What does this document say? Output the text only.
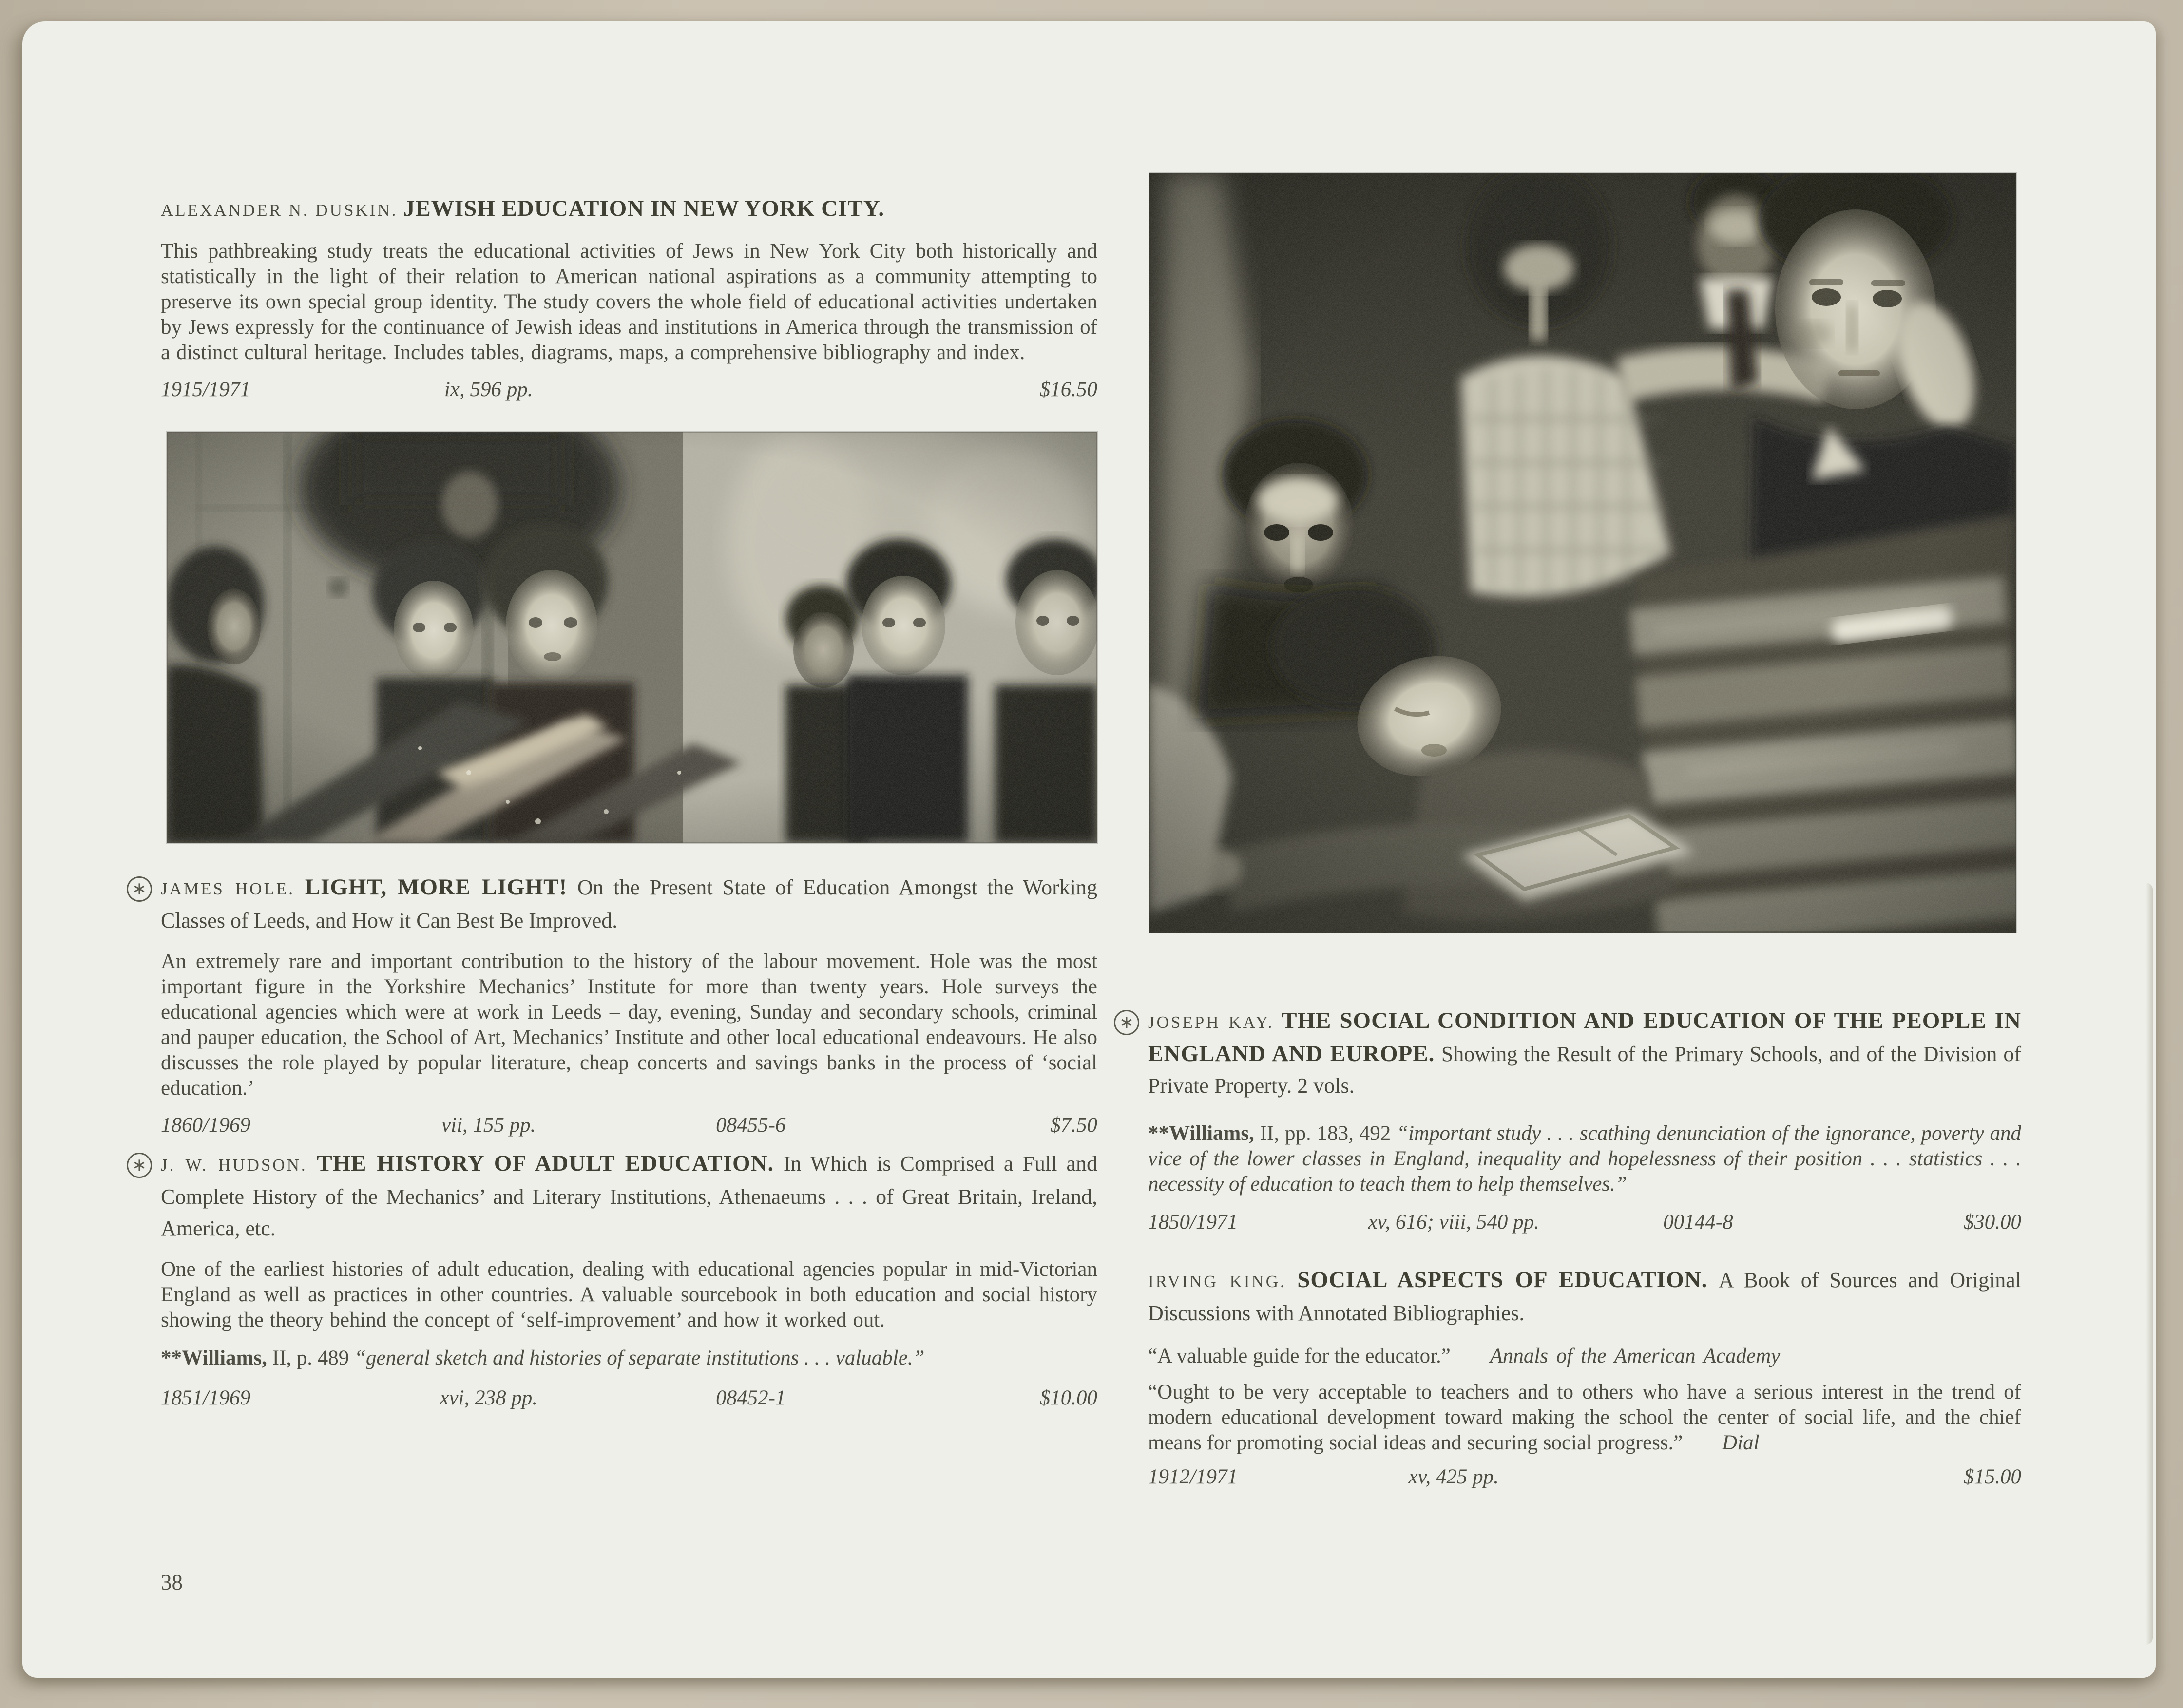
ALEXANDER N. DUSKIN. JEWISH EDUCATION IN NEW YORK CITY.

This pathbreaking study treats the educational activities of Jews in New York City both historically and statistically in the light of their relation to American national aspirations as a community attempting to preserve its own special group identity. The study covers the whole field of educational activities undertaken by Jews expressly for the continuance of Jewish ideas and institutions in America through the transmission of a distinct cultural heritage. Includes tables, diagrams, maps, a comprehensive bibliography and index.

1915/1971	ix, 596 pp.	$16.50

∗ JAMES HOLE. LIGHT, MORE LIGHT! On the Present State of Education Amongst the Working Classes of Leeds, and How it Can Best Be Improved.

An extremely rare and important contribution to the history of the labour movement. Hole was the most important figure in the Yorkshire Mechanics’ Institute for more than twenty years. Hole surveys the educational agencies which were at work in Leeds – day, evening, Sunday and secondary schools, criminal and pauper education, the School of Art, Mechanics’ Institute and other local educational endeavours. He also discusses the role played by popular literature, cheap concerts and savings banks in the process of ‘social education.’

1860/1969	vii, 155 pp.	08455-6	$7.50

∗ J. W. HUDSON. THE HISTORY OF ADULT EDUCATION. In Which is Comprised a Full and Complete History of the Mechanics’ and Literary Institutions, Athenaeums . . . of Great Britain, Ireland, America, etc.

One of the earliest histories of adult education, dealing with educational agencies popular in mid-Victorian England as well as practices in other countries. A valuable sourcebook in both education and social history showing the theory behind the concept of ‘self-improvement’ and how it worked out.

**Williams, II, p. 489 “general sketch and histories of separate institutions . . . valuable.”

1851/1969	xvi, 238 pp.	08452-1	$10.00

∗ JOSEPH KAY. THE SOCIAL CONDITION AND EDUCATION OF THE PEOPLE IN ENGLAND AND EUROPE. Showing the Result of the Primary Schools, and of the Division of Private Property. 2 vols.

**Williams, II, pp. 183, 492 “important study . . . scathing denunciation of the ignorance, poverty and vice of the lower classes in England, inequality and hopelessness of their position . . . statistics . . . necessity of education to teach them to help themselves.”

1850/1971	xv, 616; viii, 540 pp.	00144-8	$30.00

IRVING KING. SOCIAL ASPECTS OF EDUCATION. A Book of Sources and Original Discussions with Annotated Bibliographies.

“A valuable guide for the educator.” Annals of the American Academy

“Ought to be very acceptable to teachers and to others who have a serious interest in the trend of modern educational development toward making the school the center of social life, and the chief means for promoting social ideas and securing social progress.” Dial

1912/1971	xv, 425 pp.	$15.00
38
